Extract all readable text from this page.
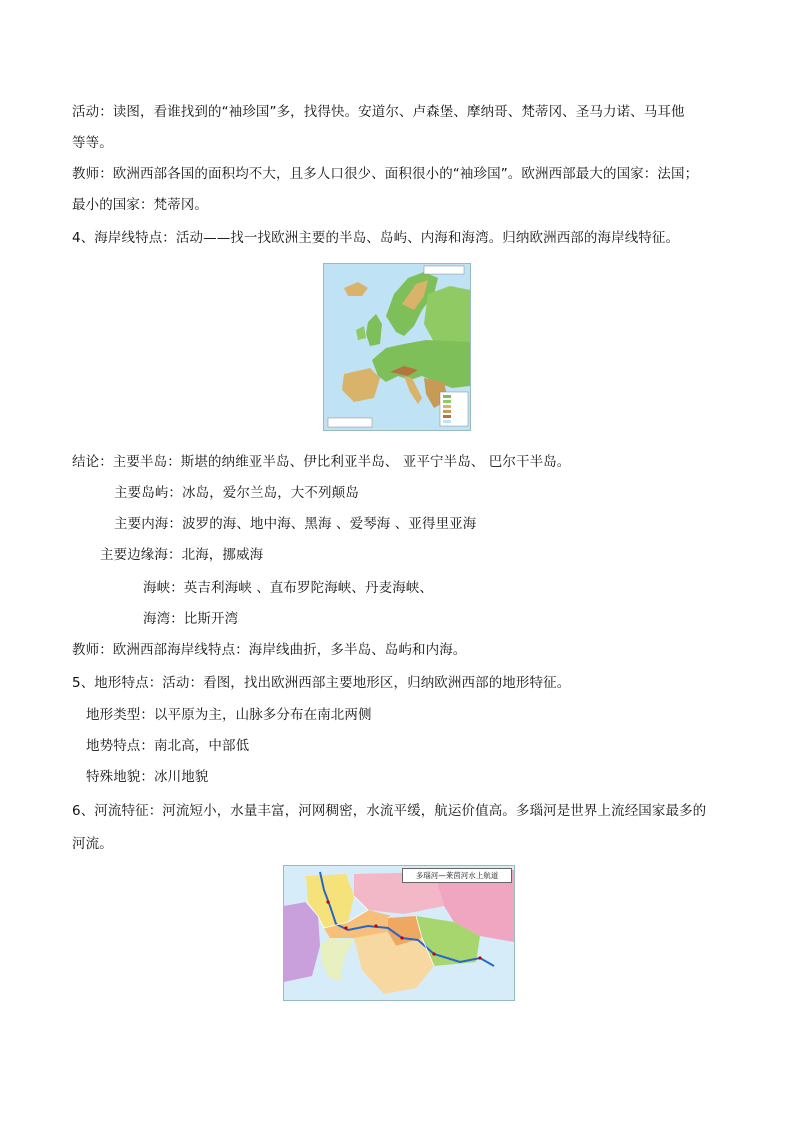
活动：读图，看谁找到的“袖珍国”多，找得快。安道尔、卢森堡、摩纳哥、梵蒂冈、圣马力诺、马耳他
等等。
教师：欧洲西部各国的面积均不大，且多人口很少、面积很小的“袖珍国”。欧洲西部最大的国家：法国；
最小的国家：梵蒂冈。
4、海岸线特点：活动——找一找欧洲主要的半岛、岛屿、内海和海湾。归纳欧洲西部的海岸线特征。
结论：主要半岛：斯堪的纳维亚半岛、伊比利亚半岛、 亚平宁半岛、 巴尔干半岛。
主要岛屿：冰岛，爱尔兰岛，大不列颠岛
主要内海：波罗的海、地中海、黑海 、爱琴海 、亚得里亚海
主要边缘海：北海，挪威海
海峡：英吉利海峡 、直布罗陀海峡、丹麦海峡、
海湾：比斯开湾
教师：欧洲西部海岸线特点：海岸线曲折，多半岛、岛屿和内海。
5、地形特点：活动：看图，找出欧洲西部主要地形区，归纳欧洲西部的地形特征。
地形类型：以平原为主，山脉多分布在南北两侧
地势特点：南北高，中部低
特殊地貌：冰川地貌
6、河流特征：河流短小，水量丰富，河网稠密，水流平缓，航运价值高。多瑙河是世界上流经国家最多的
河流。
多瑙河—莱茵河水上航道
